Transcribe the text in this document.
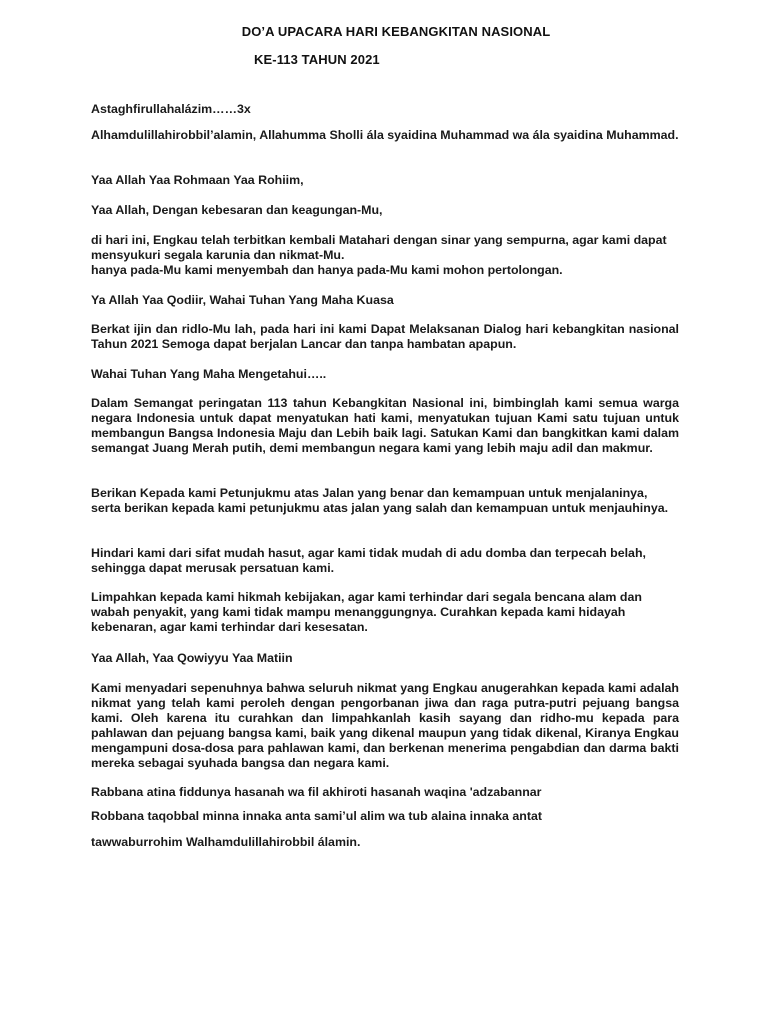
DO’A UPACARA HARI KEBANGKITAN NASIONAL
KE-113 TAHUN 2021

Astaghfirullahalázim……3x

Alhamdulillahirobbil’alamin, Allahumma Sholli ála syaidina Muhammad wa ála syaidina Muhammad.

Yaa Allah Yaa Rohmaan Yaa Rohiim,

Yaa Allah, Dengan kebesaran dan keagungan-Mu,

di hari ini, Engkau telah terbitkan kembali Matahari dengan sinar yang sempurna, agar kami dapat mensyukuri segala karunia dan nikmat-Mu.

hanya pada-Mu kami menyembah dan hanya pada-Mu kami mohon pertolongan.

Ya Allah Yaa Qodiir, Wahai Tuhan Yang Maha Kuasa

Berkat ijin dan ridlo-Mu lah, pada hari ini kami Dapat Melaksanan Dialog hari kebangkitan nasional Tahun 2021 Semoga dapat berjalan Lancar dan tanpa hambatan apapun.

Wahai Tuhan Yang Maha Mengetahui…..

Dalam Semangat peringatan 113 tahun Kebangkitan Nasional ini, bimbinglah kami semua warga negara Indonesia untuk dapat menyatukan hati kami, menyatukan tujuan Kami satu tujuan untuk membangun Bangsa Indonesia Maju dan Lebih baik lagi. Satukan Kami dan bangkitkan kami dalam semangat Juang Merah putih, demi membangun negara kami yang lebih maju adil dan makmur.

Berikan Kepada kami Petunjukmu atas Jalan yang benar dan kemampuan untuk menjalaninya, serta berikan kepada kami petunjukmu atas jalan yang salah dan kemampuan untuk menjauhinya.

Hindari kami dari sifat mudah hasut, agar kami tidak mudah di adu domba dan terpecah belah, sehingga dapat merusak persatuan kami.

Limpahkan kepada kami hikmah kebijakan, agar kami terhindar dari segala bencana alam dan wabah penyakit, yang kami tidak mampu menanggungnya. Curahkan kepada kami hidayah kebenaran, agar kami terhindar dari kesesatan.

Yaa Allah, Yaa Qowiyyu Yaa Matiin

Kami menyadari sepenuhnya bahwa seluruh nikmat yang Engkau anugerahkan kepada kami adalah nikmat yang telah kami peroleh dengan pengorbanan jiwa dan raga putra-putri pejuang bangsa kami. Oleh karena itu curahkan dan limpahkanlah kasih sayang dan ridho-mu kepada para pahlawan dan pejuang bangsa kami, baik yang dikenal maupun yang tidak dikenal, Kiranya Engkau mengampuni dosa-dosa para pahlawan kami, dan berkenan menerima pengabdian dan darma bakti mereka sebagai syuhada bangsa dan negara kami.

Rabbana atina fiddunya hasanah wa fil akhiroti hasanah waqina 'adzabannar

Robbana taqobbal minna innaka anta sami’ul alim wa tub alaina innaka antat

tawwaburrohim Walhamdulillahirobbil álamin.
